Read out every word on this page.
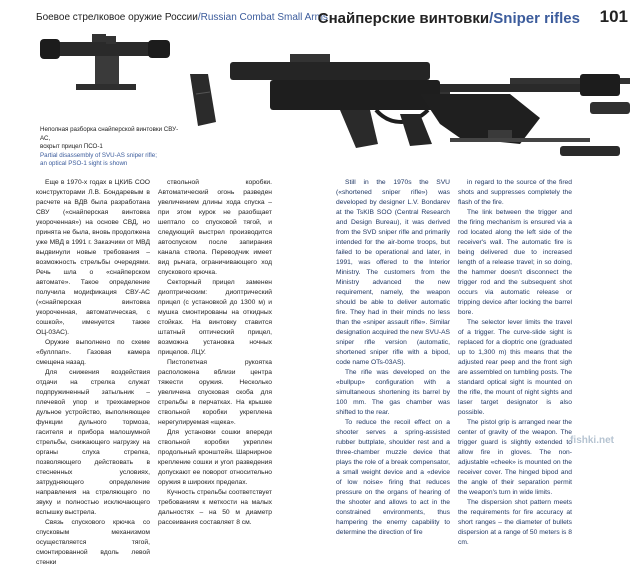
Боевое стрелковое оружие России/Russian Combat Small Arms
Снайперские винтовки/Sniper rifles 101
Неполная разборка снайперской винтовки СВУ-АС,
вскрыт прицел ПСО-1
Partial disassembly of SVU-AS sniper rifle;
an optical PSO-1 sight is shown

Еще в 1970-х годах в ЦКИБ СОО конструкторами Л.В. Бондаревым в расчете на ВДВ была разработана СВУ («снайперская винтовка укороченная») на основе СВД, но принята не была, вновь продолжена уже МВД в 1991 г. Заказчики от МВД выдвинули новые требования – возможность стрельбы очередями. Речь шла о «снайперском автомате». Такое определение получила модификация СВУ-АС («снайперская винтовка укороченная, автоматическая, с сошкой», именуется также ОЦ-03АС).

Оружие выполнено по схеме «буллпап». Газовая камера смещена назад.

Для снижения воздействия отдачи на стрелка служат подпружиненный затыльник – плечевой упор и трехкамерное дульное устройство, выполняющее функции дульного тормоза, гасителя и прибора малошумной стрельбы, снижающего нагрузку на органы слуха стрелка, позволяющего действовать в стесненных условиях, затрудняющего определение направления на стреляющего по звуку и полностью исключающего вспышку выстрела.

Связь спускового крючка со спусковым механизмом осуществляется тягой, смонтированной вдоль левой стенки

ствольной коробки. Автоматический огонь разведен увеличением длины хода спуска – при этом курок не разобщает шептало со спусковой тягой, и следующий выстрел производится автоспуском после запирания канала ствола. Переводчик имеет вид рычага, ограничивающего ход спускового крючка.

Секторный прицел заменен диоптрическим: диоптрический прицел (с установкой до 1300 м) и мушка смонтированы на откидных стойках. На винтовку ставится штатный оптический прицел, возможна установка ночных прицелов. ЛЦУ.

Пистолетная рукоятка расположена вблизи центра тяжести оружия. Несколько увеличена спусковая скоба для стрельбы в перчатках. На крышке ствольной коробки укреплена нерегулируемая «щека».

Для установки сошки впереди ствольной коробки укреплен продольный кронштейн. Шарнирное крепление сошки и угол разведения допускают ее поворот относительно оружия в широких пределах.

Кучность стрельбы соответствует требованиям к меткости на малых дальностях – на 50 м диаметр рассеивания составляет 8 см.

Still in the 1970s the SVU («shortened sniper rifle») was developed by designer L.V. Bondarev at the TsKIB SOO (Central Research and Design Bureau), it was derived from the SVD sniper rifle and primarily intended for the air-borne troops, but failed to be operational and later, in 1991, was offered to the Interior Ministry. The customers from the Ministry advanced the new requirement, namely, the weapon should be able to deliver automatic fire. They had in their minds no less than the «sniper assault rifle». Similar designation acquired the new SVU-AS sniper rifle version (automatic, shortened sniper rifle with a bipod, code name OTs-03AS).

The rifle was developed on the «bullpup» configuration with a simultaneous shortening its barrel by 100 mm. The gas chamber was shifted to the rear.

To reduce the recoil effect on a shooter serves a spring-assisted rubber buttplate, shoulder rest and a three-chamber muzzle device that plays the role of a break compensator, a small weight device and a «device of low noise» firing that reduces pressure on the organs of hearing of the shooter and allows to act in the constrained environments, thus hampering the enemy capability to determine the direction of fire

in regard to the source of the fired shots and suppresses completely the flash of the fire.

The link between the trigger and the firing mechanism is ensured via a rod located along the left side of the receiver's wall. The automatic fire is being delivered due to increased length of a release travel; in so doing, the hammer doesn't disconnect the trigger rod and the subsequent shot occurs via automatic release or tripping device after locking the barrel bore.

The selector lever limits the travel of a trigger. The curve-slide sight is replaced for a dioptric one (graduated up to 1,300 m) this means that the adjusted rear peep and the front sigh are assembled on tumbling posts. The standard optical sight is mounted on the rifle, the mount of night sights and laser target designator is also possible.

The pistol grip is arranged near the center of gravity of the weapon. The trigger guard is slightly extended to allow fire in gloves. The non-adjustable «cheek» is mounted on the receiver cover. The hinged bipod and the angle of their separation permit the weapon's turn in wide limits.

The dispersion shot pattern meets the requirements for fire accuracy at short ranges – the diameter of bullets dispersion at a range of 50 meters is 8 cm.

fishki.net
